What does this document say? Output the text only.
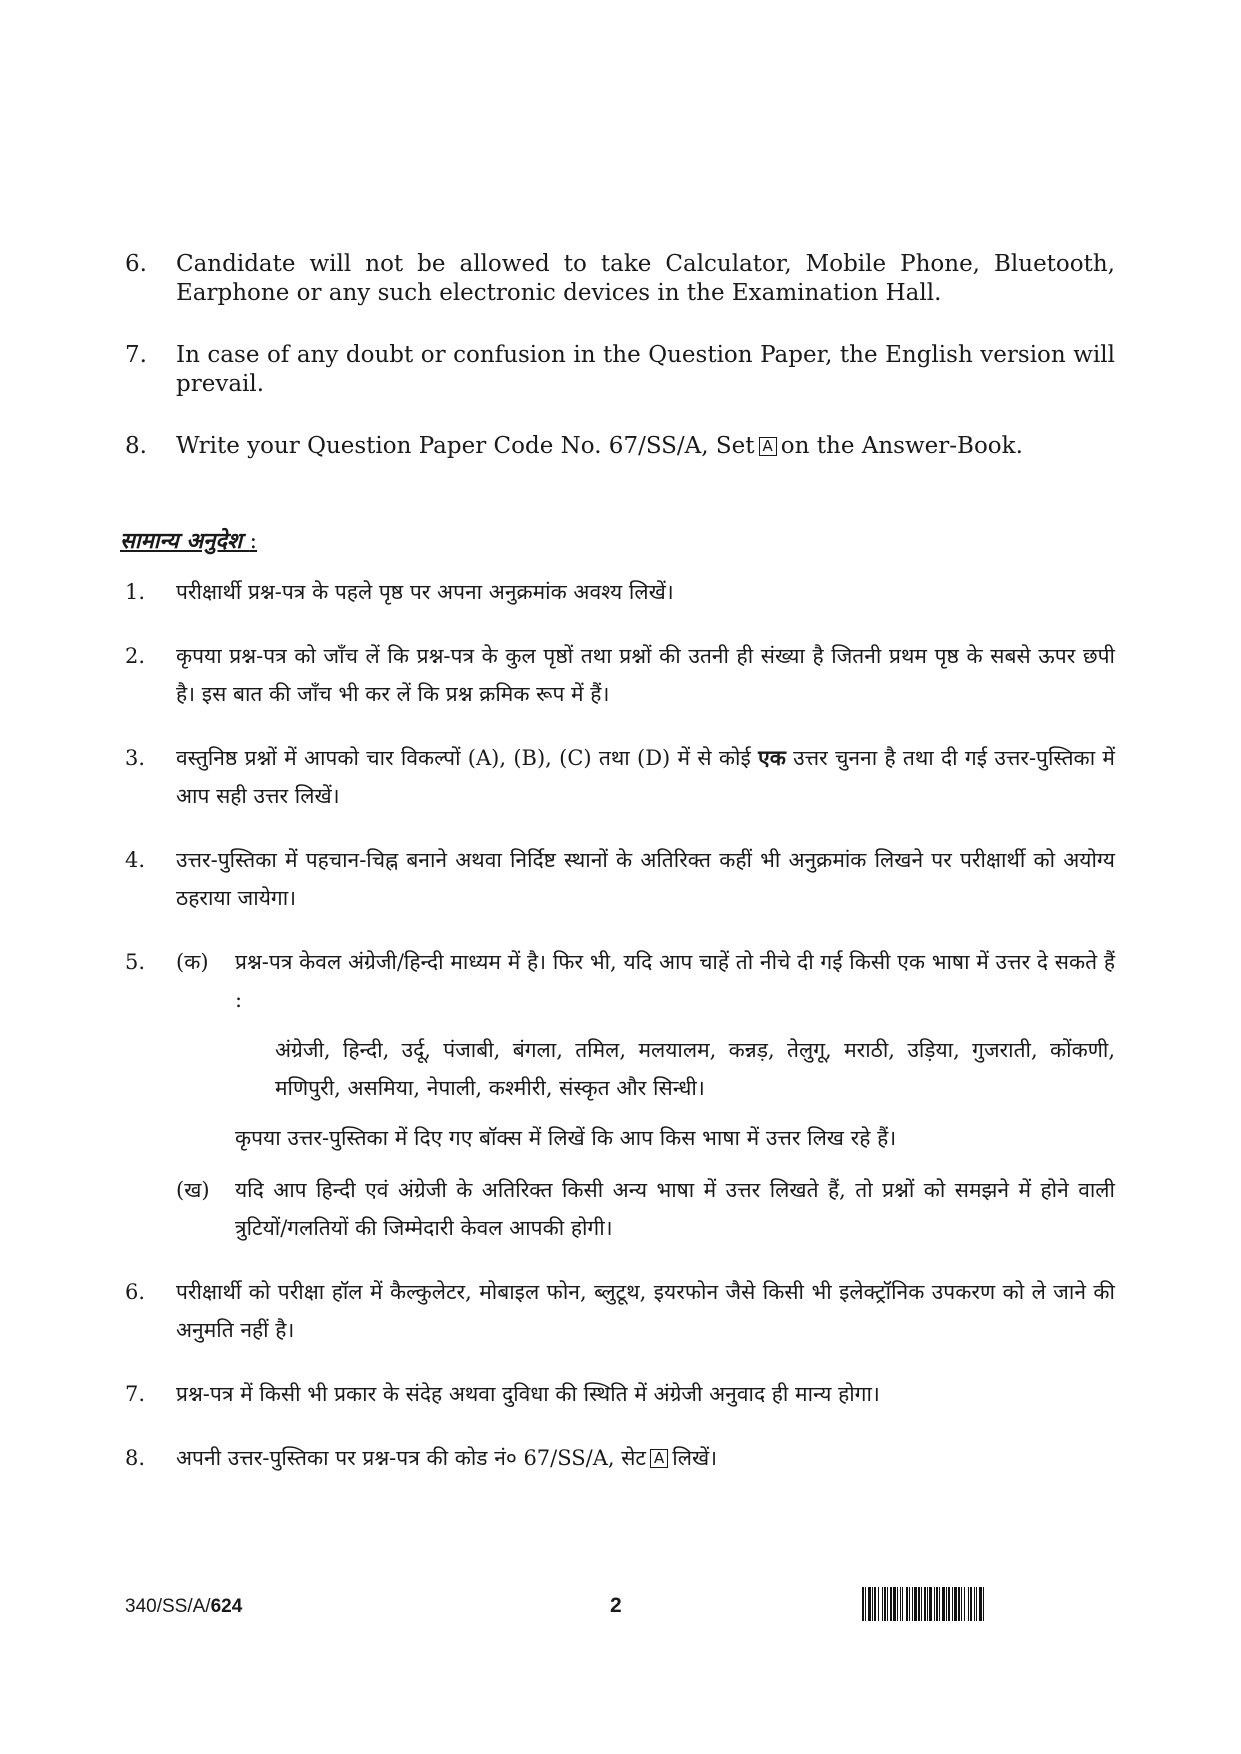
6.	Candidate will not be allowed to take Calculator, Mobile Phone, Bluetooth, Earphone or any such electronic devices in the Examination Hall.
7.	In case of any doubt or confusion in the Question Paper, the English version will prevail.
8.	Write your Question Paper Code No. 67/SS/A, Set A on the Answer-Book.
सामान्य अनुदेश :
1.	परीक्षार्थी प्रश्न-पत्र के पहले पृष्ठ पर अपना अनुक्रमांक अवश्य लिखें।
2.	कृपया प्रश्न-पत्र को जाँच लें कि प्रश्न-पत्र के कुल पृष्ठों तथा प्रश्नों की उतनी ही संख्या है जितनी प्रथम पृष्ठ के सबसे ऊपर छपी है। इस बात की जाँच भी कर लें कि प्रश्न क्रमिक रूप में हैं।
3.	वस्तुनिष्ठ प्रश्नों में आपको चार विकल्पों (A), (B), (C) तथा (D) में से कोई एक उत्तर चुनना है तथा दी गई उत्तर-पुस्तिका में आप सही उत्तर लिखें।
4.	उत्तर-पुस्तिका में पहचान-चिह्न बनाने अथवा निर्दिष्ट स्थानों के अतिरिक्त कहीं भी अनुक्रमांक लिखने पर परीक्षार्थी को अयोग्य ठहराया जायेगा।
5.	(क)	प्रश्न-पत्र केवल अंग्रेजी/हिन्दी माध्यम में है। फिर भी, यदि आप चाहें तो नीचे दी गई किसी एक भाषा में उत्तर दे सकते हैं :
अंग्रेजी, हिन्दी, उर्दू, पंजाबी, बंगला, तमिल, मलयालम, कन्नड़, तेलुगू, मराठी, उड़िया, गुजराती, कोंकणी, मणिपुरी, असमिया, नेपाली, कश्मीरी, संस्कृत और सिन्धी।
कृपया उत्तर-पुस्तिका में दिए गए बॉक्स में लिखें कि आप किस भाषा में उत्तर लिख रहे हैं।
(ख)	यदि आप हिन्दी एवं अंग्रेजी के अतिरिक्त किसी अन्य भाषा में उत्तर लिखते हैं, तो प्रश्नों को समझने में होने वाली त्रुटियों/गलतियों की जिम्मेदारी केवल आपकी होगी।
6.	परीक्षार्थी को परीक्षा हॉल में कैल्कुलेटर, मोबाइल फोन, ब्लुटूथ, इयरफोन जैसे किसी भी इलेक्ट्रॉनिक उपकरण को ले जाने की अनुमति नहीं है।
7.	प्रश्न-पत्र में किसी भी प्रकार के संदेह अथवा दुविधा की स्थिति में अंग्रेजी अनुवाद ही मान्य होगा।
8.	अपनी उत्तर-पुस्तिका पर प्रश्न-पत्र की कोड नं० 67/SS/A, सेट A लिखें।
340/SS/A/624	2
